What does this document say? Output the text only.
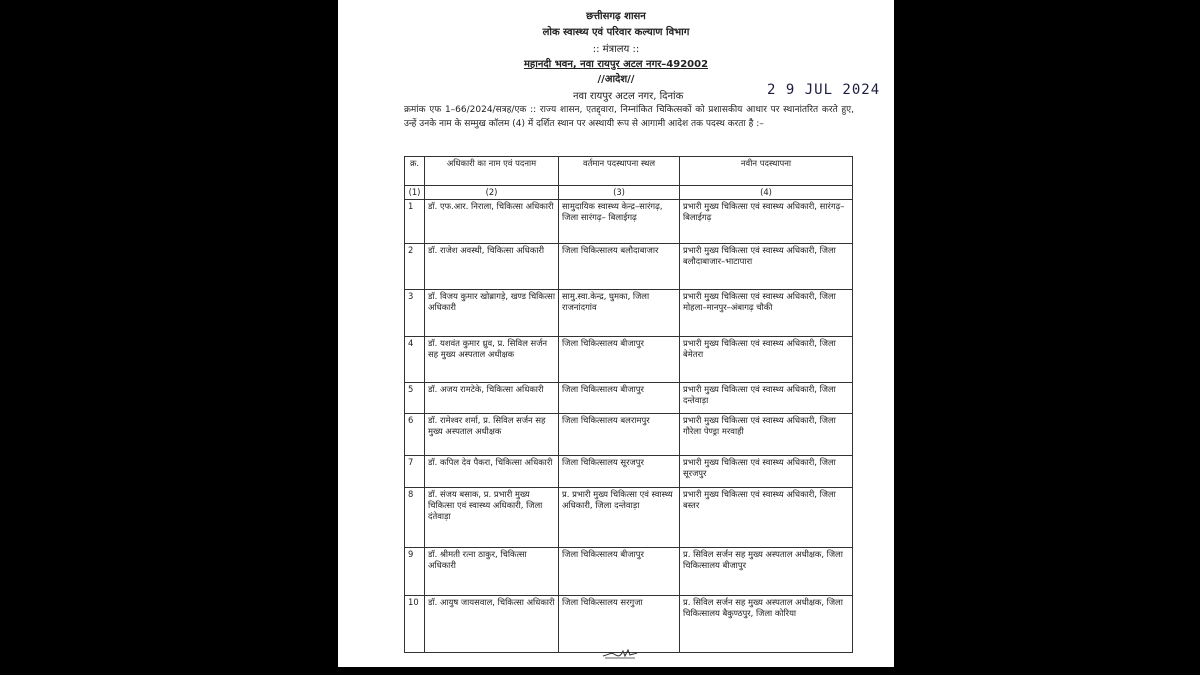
छत्तीसगढ़ शासन
लोक स्वास्थ्य एवं परिवार कल्याण विभाग
:: मंत्रालय ::
महानदी भवन, नवा रायपुर अटल नगर–492002
//आदेश//
नवा रायपुर अटल नगर, दिनांक	2 9 JUL 2024
क्रमांक एफ 1–66/2024/सत्रह/एक :: राज्य शासन, एतद्द्वारा, निम्नांकित चिकित्सकों को प्रशासकीय आधार पर स्थानांतरित करते हुए, उन्हें उनके नाम के सम्मुख कॉलम (4) में दर्शित स्थान पर अस्थायी रूप से आगामी आदेश तक पदस्थ करता है :–
क्र.	अधिकारी का नाम एवं पदनाम	वर्तमान पदस्थापना स्थल	नवीन पदस्थापना
(1)	(2)	(3)	(4)
1	डॉ. एफ.आर. निराला, चिकित्सा अधिकारी	सामुदायिक स्वास्थ्य केन्द्र–सारंगढ़, जिला सारंगढ़– बिलाईगढ़	प्रभारी मुख्य चिकित्सा एवं स्वास्थ्य अधिकारी, सारंगढ़– बिलाईगढ़
2	डॉ. राजेश अवस्थी, चिकित्सा अधिकारी	जिला चिकित्सालय बलौदाबाजार	प्रभारी मुख्य चिकित्सा एवं स्वास्थ्य अधिकारी, जिला बलौदाबाजार–भाटापारा
3	डॉ. विजय कुमार खोब्रागड़े, खण्ड चिकित्सा अधिकारी	सामु.स्वा.केन्द्र, घुमका, जिला राजनांदगांव	प्रभारी मुख्य चिकित्सा एवं स्वास्थ्य अधिकारी, जिला मोहला–मानपुर–अंबागढ़ चौकी
4	डॉ. यशवंत कुमार ध्रुव, प्र. सिविल सर्जन सह मुख्य अस्पताल अधीक्षक	जिला चिकित्सालय बीजापुर	प्रभारी मुख्य चिकित्सा एवं स्वास्थ्य अधिकारी, जिला बेमेतरा
5	डॉ. अजय रामटेके, चिकित्सा अधिकारी	जिला चिकित्सालय बीजापुर	प्रभारी मुख्य चिकित्सा एवं स्वास्थ्य अधिकारी, जिला दन्तेवाड़ा
6	डॉ. रामेश्वर शर्मा, प्र. सिविल सर्जन सह मुख्य अस्पताल अधीक्षक	जिला चिकित्सालय बलरामपुर	प्रभारी मुख्य चिकित्सा एवं स्वास्थ्य अधिकारी, जिला गौरेला पेण्ड्रा मरवाही
7	डॉ. कपिल देव पैकरा, चिकित्सा अधिकारी	जिला चिकित्सालय सूरजपुर	प्रभारी मुख्य चिकित्सा एवं स्वास्थ्य अधिकारी, जिला सूरजपुर
8	डॉ. संजय बसाक, प्र. प्रभारी मुख्य चिकित्सा एवं स्वास्थ्य अधिकारी, जिला दंतेवाड़ा	प्र. प्रभारी मुख्य चिकित्सा एवं स्वास्थ्य अधिकारी, जिला दन्तेवाड़ा	प्रभारी मुख्य चिकित्सा एवं स्वास्थ्य अधिकारी, जिला बस्तर
9	डॉ. श्रीमती रत्ना ठाकुर, चिकित्सा अधिकारी	जिला चिकित्सालय बीजापुर	प्र. सिविल सर्जन सह मुख्य अस्पताल अधीक्षक, जिला चिकित्सालय बीजापुर
10	डॉ. आयुष जायसवाल, चिकित्सा अधिकारी	जिला चिकित्सालय सरगुजा	प्र. सिविल सर्जन सह मुख्य अस्पताल अधीक्षक, जिला चिकित्सालय बैकुण्ठपुर, जिला कोरिया
